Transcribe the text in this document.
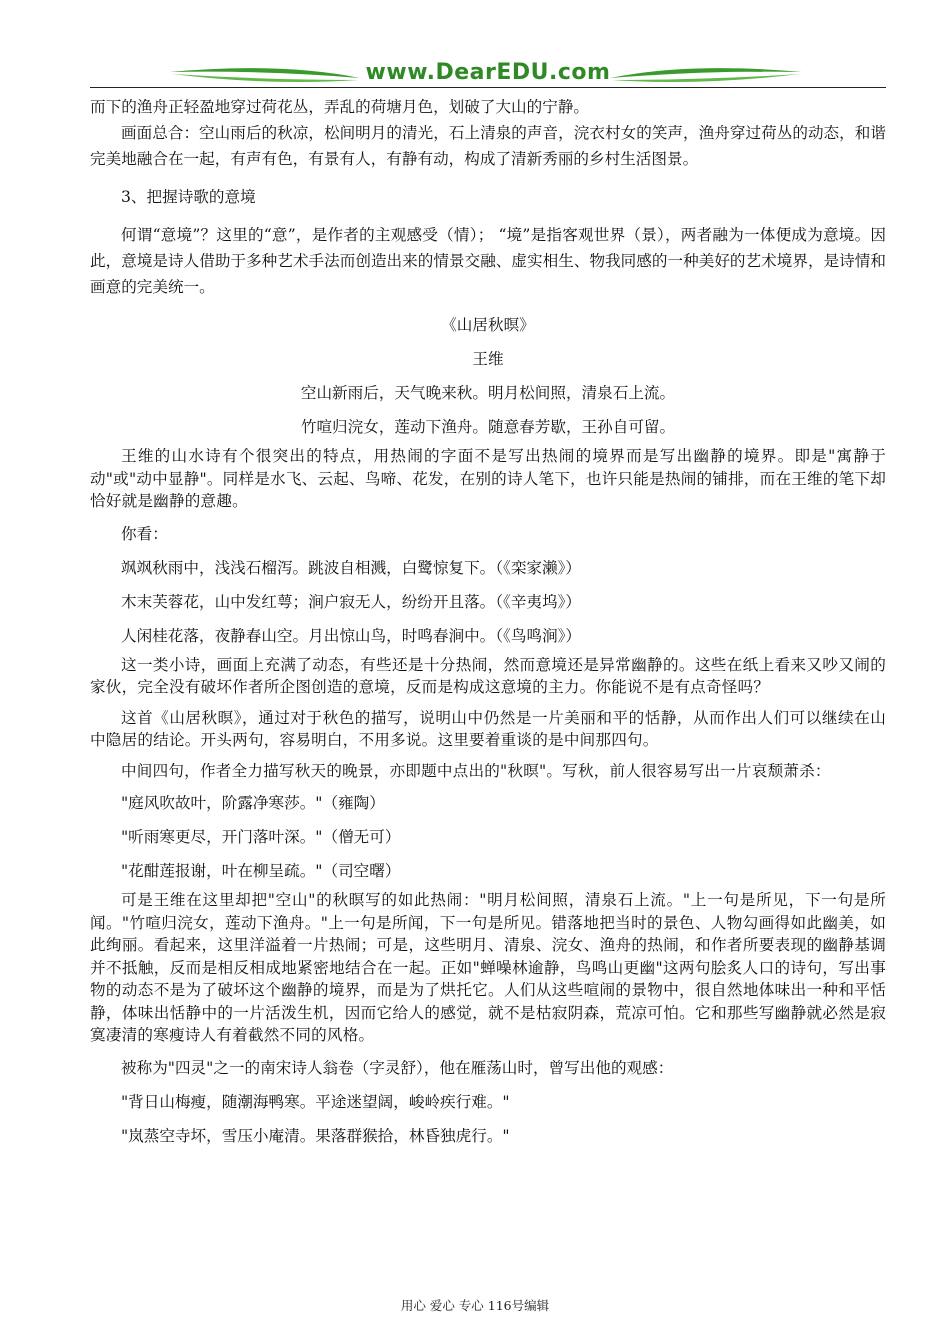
www.DearEDU.com

而下的渔舟正轻盈地穿过荷花丛，弄乱的荷塘月色，划破了大山的宁静。

画面总合：空山雨后的秋凉，松间明月的清光，石上清泉的声音，浣衣村女的笑声，渔舟穿过荷丛的动态，和谐完美地融合在一起，有声有色，有景有人，有静有动，构成了清新秀丽的乡村生活图景。

3、把握诗歌的意境

何谓“意境”？这里的“意”，是作者的主观感受（情）； “境”是指客观世界（景），两者融为一体便成为意境。因此，意境是诗人借助于多种艺术手法而创造出来的情景交融、虚实相生、物我同感的一种美好的艺术境界，是诗情和画意的完美统一。

《山居秋暝》

王维

空山新雨后，天气晚来秋。明月松间照，清泉石上流。

竹喧归浣女，莲动下渔舟。随意春芳歇，王孙自可留。

王维的山水诗有个很突出的特点，用热闹的字面不是写出热闹的境界而是写出幽静的境界。即是"寓静于动"或"动中显静"。同样是水飞、云起、鸟啼、花发，在别的诗人笔下，也许只能是热闹的铺排，而在王维的笔下却恰好就是幽静的意趣。

你看：

飒飒秋雨中，浅浅石榴泻。跳波自相溅，白鹭惊复下。（《栾家濑》）

木末芙蓉花，山中发红萼；涧户寂无人，纷纷开且落。（《辛夷坞》）

人闲桂花落，夜静春山空。月出惊山鸟，时鸣春涧中。（《鸟鸣涧》）

这一类小诗，画面上充满了动态，有些还是十分热闹，然而意境还是异常幽静的。这些在纸上看来又吵又闹的家伙，完全没有破坏作者所企图创造的意境，反而是构成这意境的主力。你能说不是有点奇怪吗？

这首《山居秋暝》，通过对于秋色的描写，说明山中仍然是一片美丽和平的恬静，从而作出人们可以继续在山中隐居的结论。开头两句，容易明白，不用多说。这里要着重谈的是中间那四句。

中间四句，作者全力描写秋天的晚景，亦即题中点出的"秋暝"。写秋，前人很容易写出一片哀颓萧杀：

"庭风吹故叶，阶露净寒莎。"（雍陶）

"听雨寒更尽，开门落叶深。"（僧无可）

"花酣莲报谢，叶在柳呈疏。"（司空曙）

可是王维在这里却把"空山"的秋暝写的如此热闹："明月松间照，清泉石上流。"上一句是所见，下一句是所闻。"竹喧归浣女，莲动下渔舟。"上一句是所闻，下一句是所见。错落地把当时的景色、人物勾画得如此幽美，如此绚丽。看起来，这里洋溢着一片热闹；可是，这些明月、清泉、浣女、渔舟的热闹，和作者所要表现的幽静基调并不抵触，反而是相反相成地紧密地结合在一起。正如"蝉噪林逾静，鸟鸣山更幽"这两句脍炙人口的诗句，写出事物的动态不是为了破坏这个幽静的境界，而是为了烘托它。人们从这些喧闹的景物中，很自然地体味出一种和平恬静，体味出恬静中的一片活泼生机，因而它给人的感觉，就不是枯寂阴森，荒凉可怕。它和那些写幽静就必然是寂寞凄清的寒瘦诗人有着截然不同的风格。

被称为"四灵"之一的南宋诗人翁卷（字灵舒），他在雁荡山时，曾写出他的观感：

"背日山梅瘦，随潮海鸭寒。平途迷望阔，峻岭疾行难。"

"岚蒸空寺坏，雪压小庵清。果落群猴拾，林昏独虎行。"

用心 爱心 专心 116号编辑
